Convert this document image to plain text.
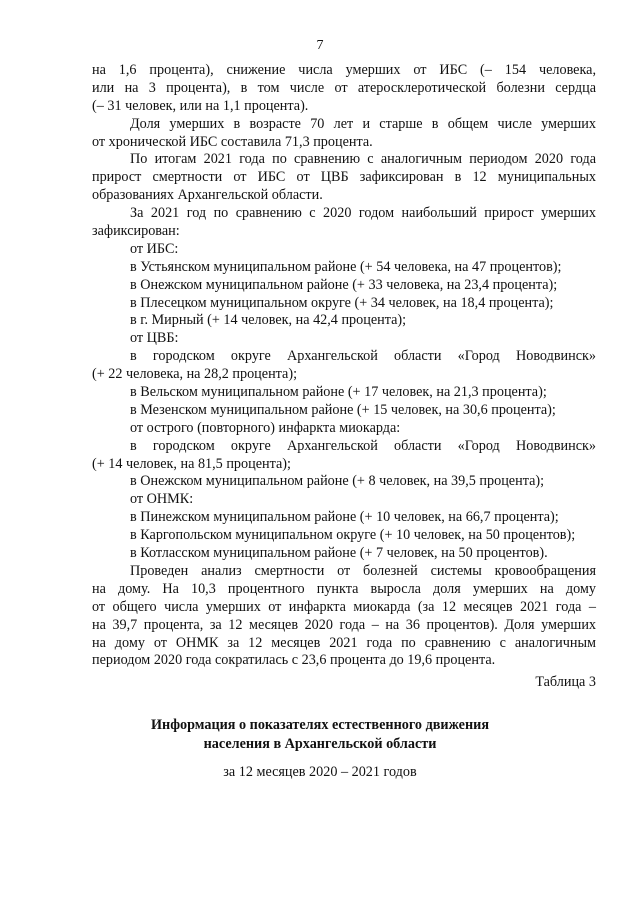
7
на 1,6 процента), снижение числа умерших от ИБС (– 154 человека,
или на 3 процента), в том числе от атеросклеротической болезни сердца
(– 31 человек, или на 1,1 процента).
Доля умерших в возрасте 70 лет и старше в общем числе умерших
от хронической ИБС составила 71,3 процента.
По итогам 2021 года по сравнению с аналогичным периодом 2020 года
прирост смертности от ИБС от ЦВБ зафиксирован в 12 муниципальных
образованиях Архангельской области.
За 2021 год по сравнению с 2020 годом наибольший прирост умерших
зафиксирован:
от ИБС:
в Устьянском муниципальном районе (+ 54 человека, на 47 процентов);
в Онежском муниципальном районе (+ 33 человека, на 23,4 процента);
в Плесецком муниципальном округе (+ 34 человек, на 18,4 процента);
в г. Мирный (+ 14 человек, на 42,4 процента);
от ЦВБ:
в городском округе Архангельской области «Город Новодвинск»
(+ 22 человека, на 28,2 процента);
в Вельском муниципальном районе (+ 17 человек, на 21,3 процента);
в Мезенском муниципальном районе (+ 15 человек, на 30,6 процента);
от острого (повторного) инфаркта миокарда:
в городском округе Архангельской области «Город Новодвинск»
(+ 14 человек, на 81,5 процента);
в Онежском муниципальном районе (+ 8 человек, на 39,5 процента);
от ОНМК:
в Пинежском муниципальном районе (+ 10 человек, на 66,7 процента);
в Каргопольском муниципальном округе (+ 10 человек, на 50 процентов);
в Котласском муниципальном районе (+ 7 человек, на 50 процентов).
Проведен анализ смертности от болезней системы кровообращения
на дому. На 10,3 процентного пункта выросла доля умерших на дому
от общего числа умерших от инфаркта миокарда (за 12 месяцев 2021 года –
на 39,7 процента, за 12 месяцев 2020 года – на 36 процентов). Доля умерших
на дому от ОНМК за 12 месяцев 2021 года по сравнению с аналогичным
периодом 2020 года сократилась с 23,6 процента до 19,6 процента.
Таблица 3
Информация о показателях естественного движения
населения в Архангельской области
за 12 месяцев 2020 – 2021 годов
